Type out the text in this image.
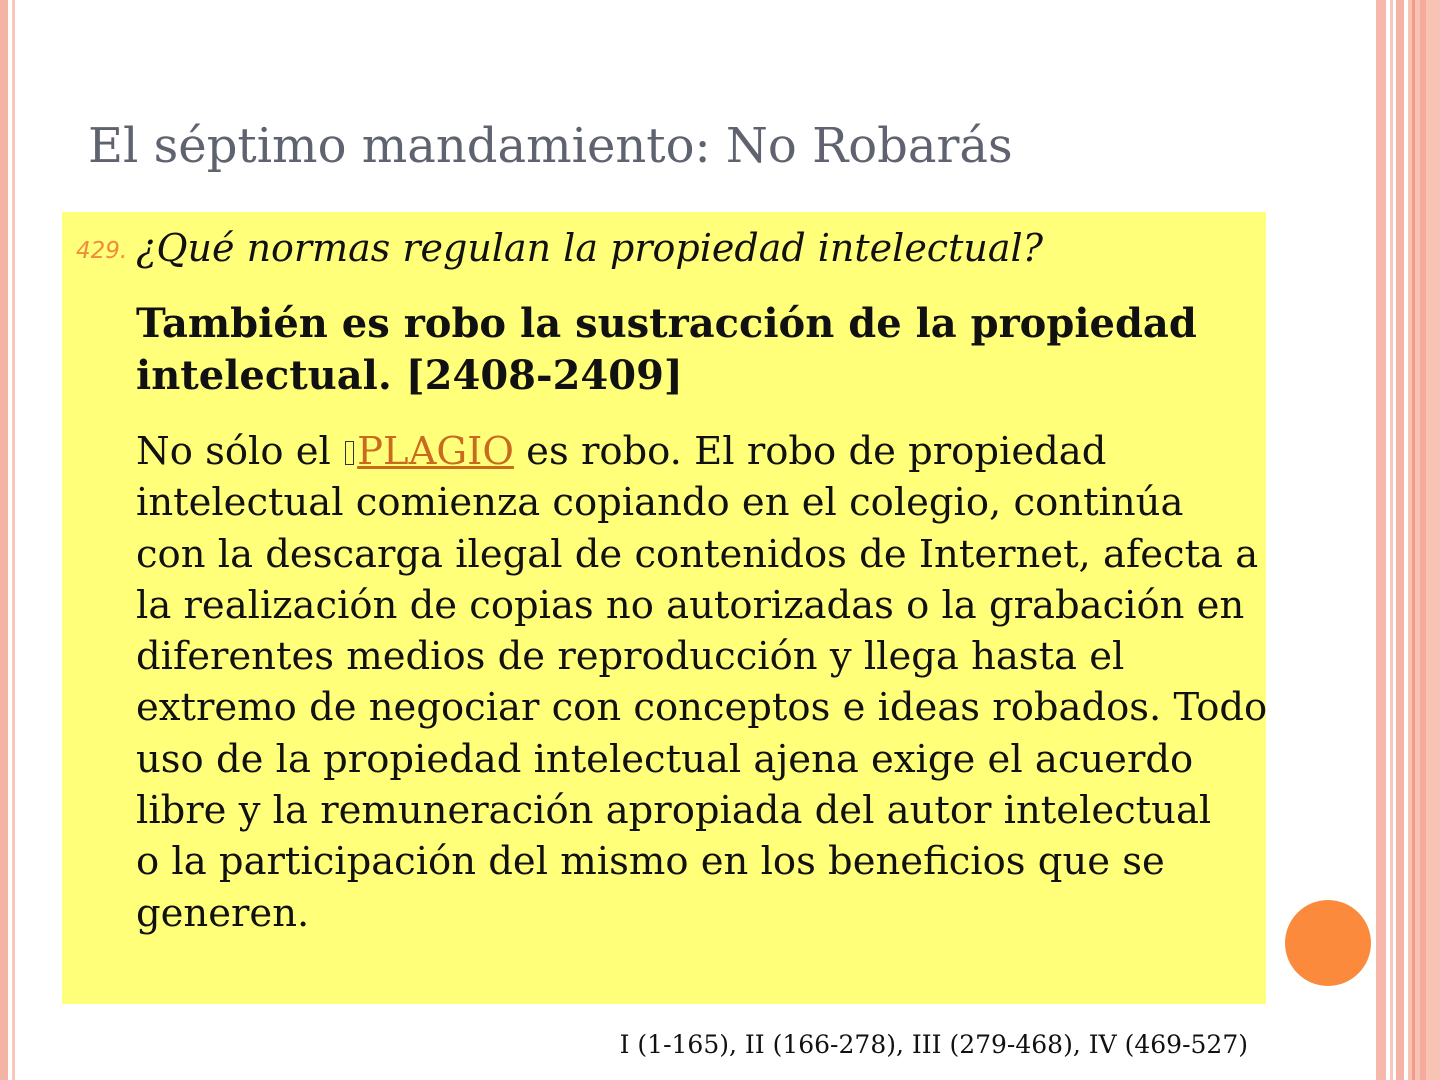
El séptimo mandamiento: No Robarás
429. ¿Qué normas regulan la propiedad intelectual?
También es robo la sustracción de la propiedad
intelectual. [2408-2409]
No sólo el PLAGIO es robo. El robo de propiedad
intelectual comienza copiando en el colegio, continúa
con la descarga ilegal de contenidos de Internet, afecta a
la realización de copias no autorizadas o la grabación en
diferentes medios de reproducción y llega hasta el
extremo de negociar con conceptos e ideas robados. Todo
uso de la propiedad intelectual ajena exige el acuerdo
libre y la remuneración apropiada del autor intelectual
o la participación del mismo en los beneficios que se
generen.
I (1-165), II (166-278), III (279-468), IV (469-527)
